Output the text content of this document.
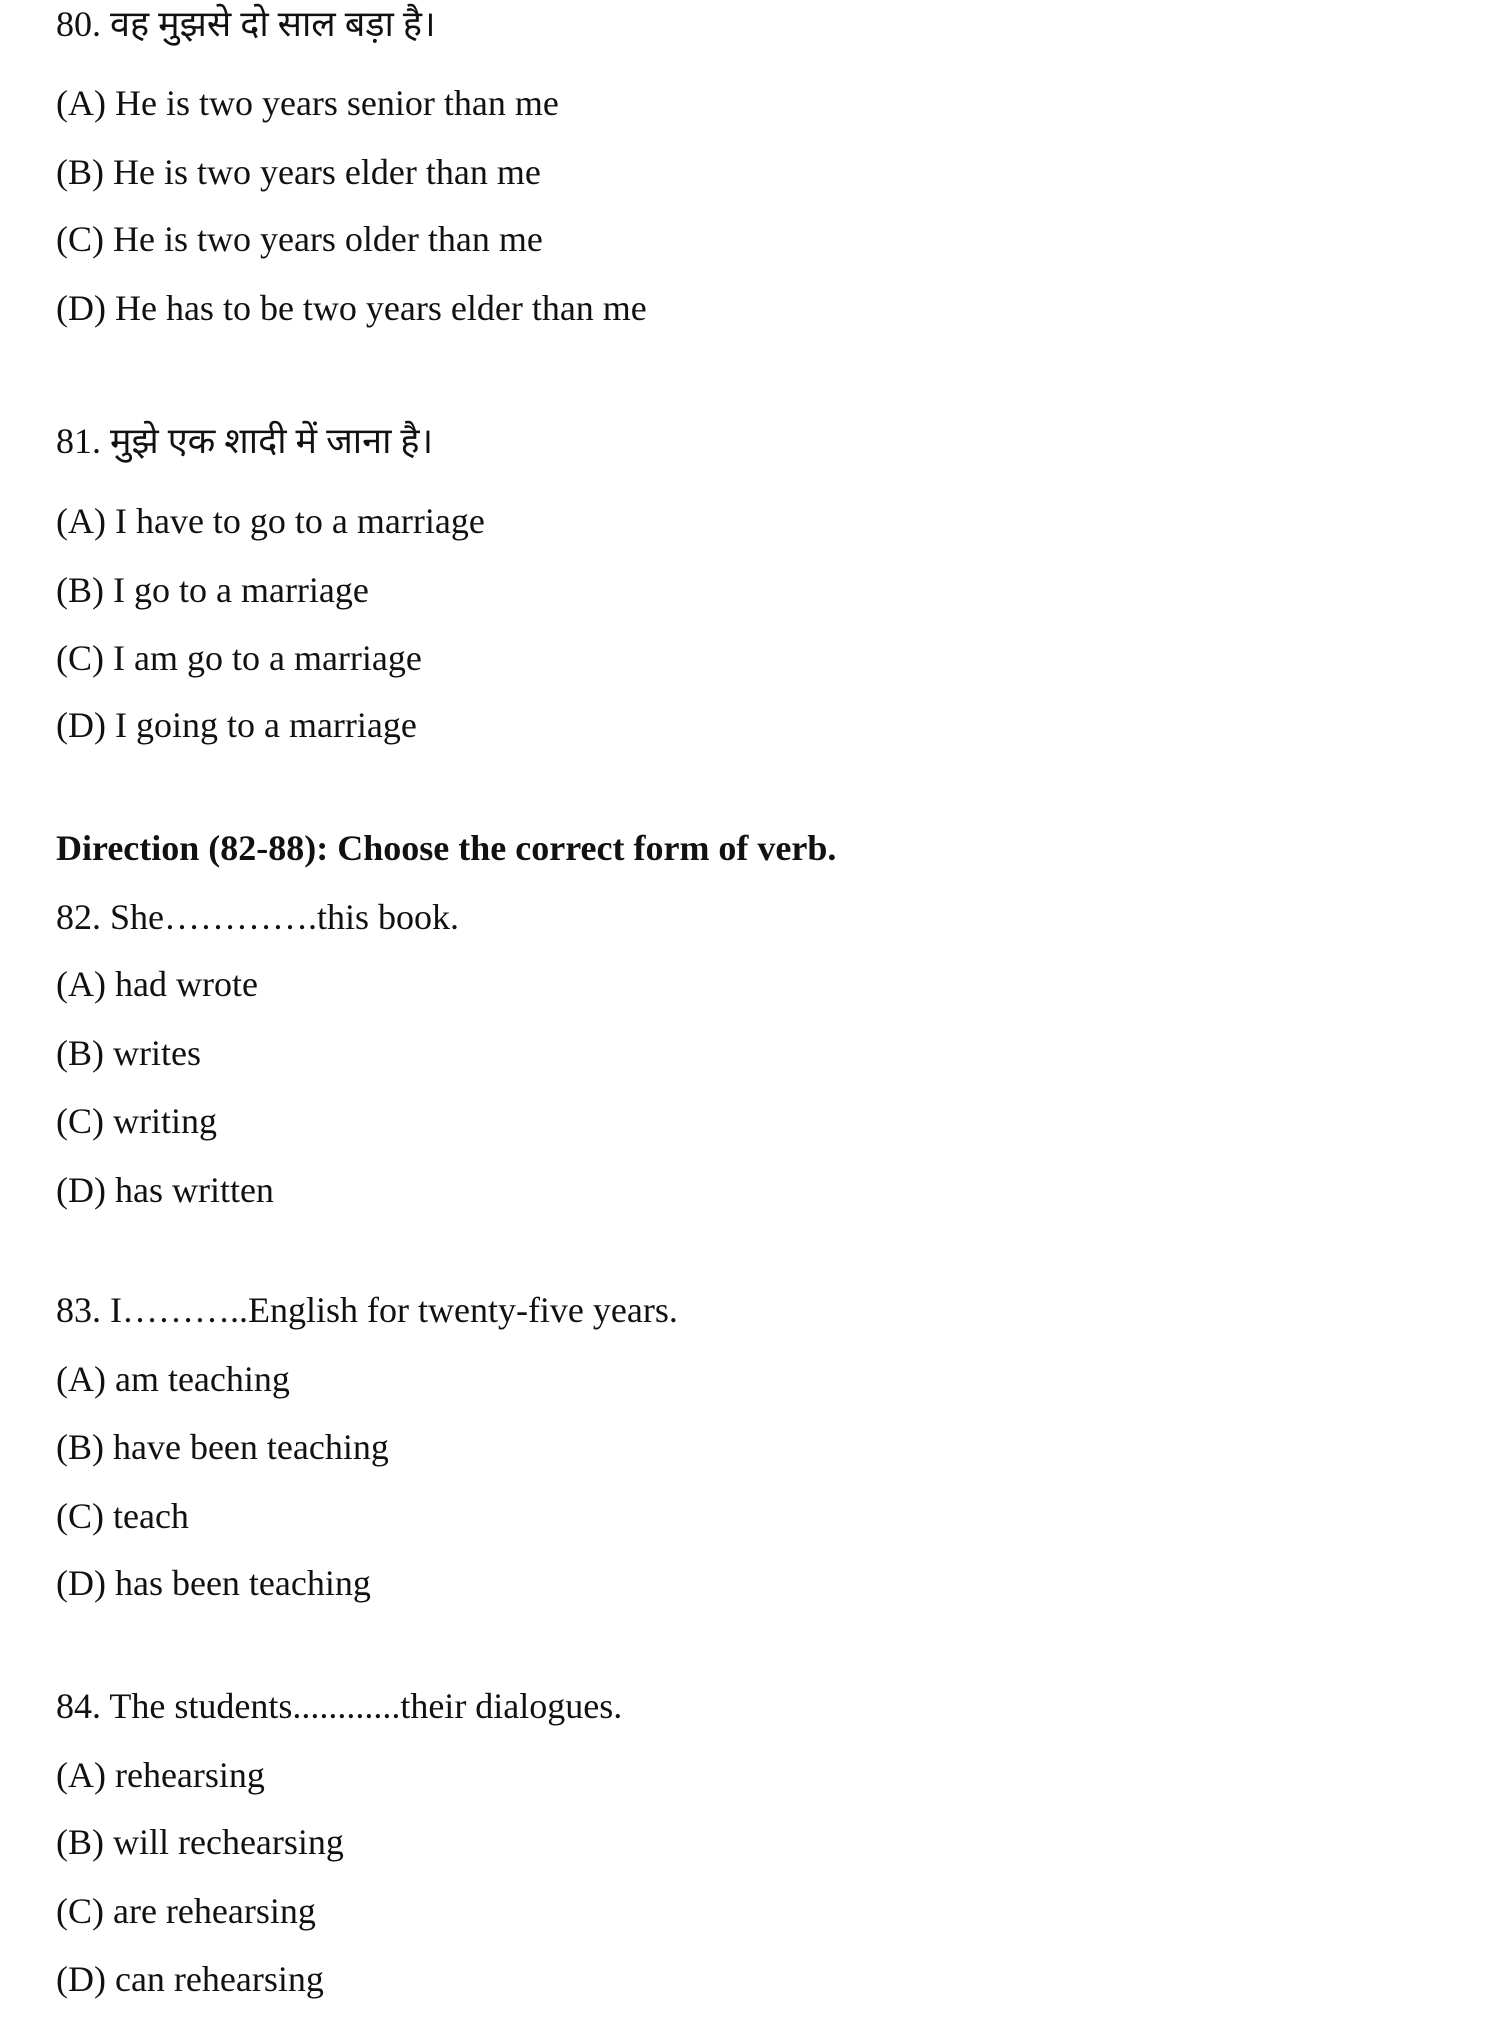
80. वह मुझसे दो साल बड़ा है।
(A) He is two years senior than me
(B) He is two years elder than me
(C) He is two years older than me
(D) He has to be two years elder than me
81. मुझे एक शादी में जाना है।
(A) I have to go to a marriage
(B) I go to a marriage
(C) I am go to a marriage
(D) I going to a marriage
Direction (82-88): Choose the correct form of verb.
82. She………….this book.
(A) had wrote
(B) writes
(C) writing
(D) has written
83. I………..English for twenty-five years.
(A) am teaching
(B) have been teaching
(C) teach
(D) has been teaching
84. The students............their dialogues.
(A) rehearsing
(B) will rechearsing
(C) are rehearsing
(D) can rehearsing
